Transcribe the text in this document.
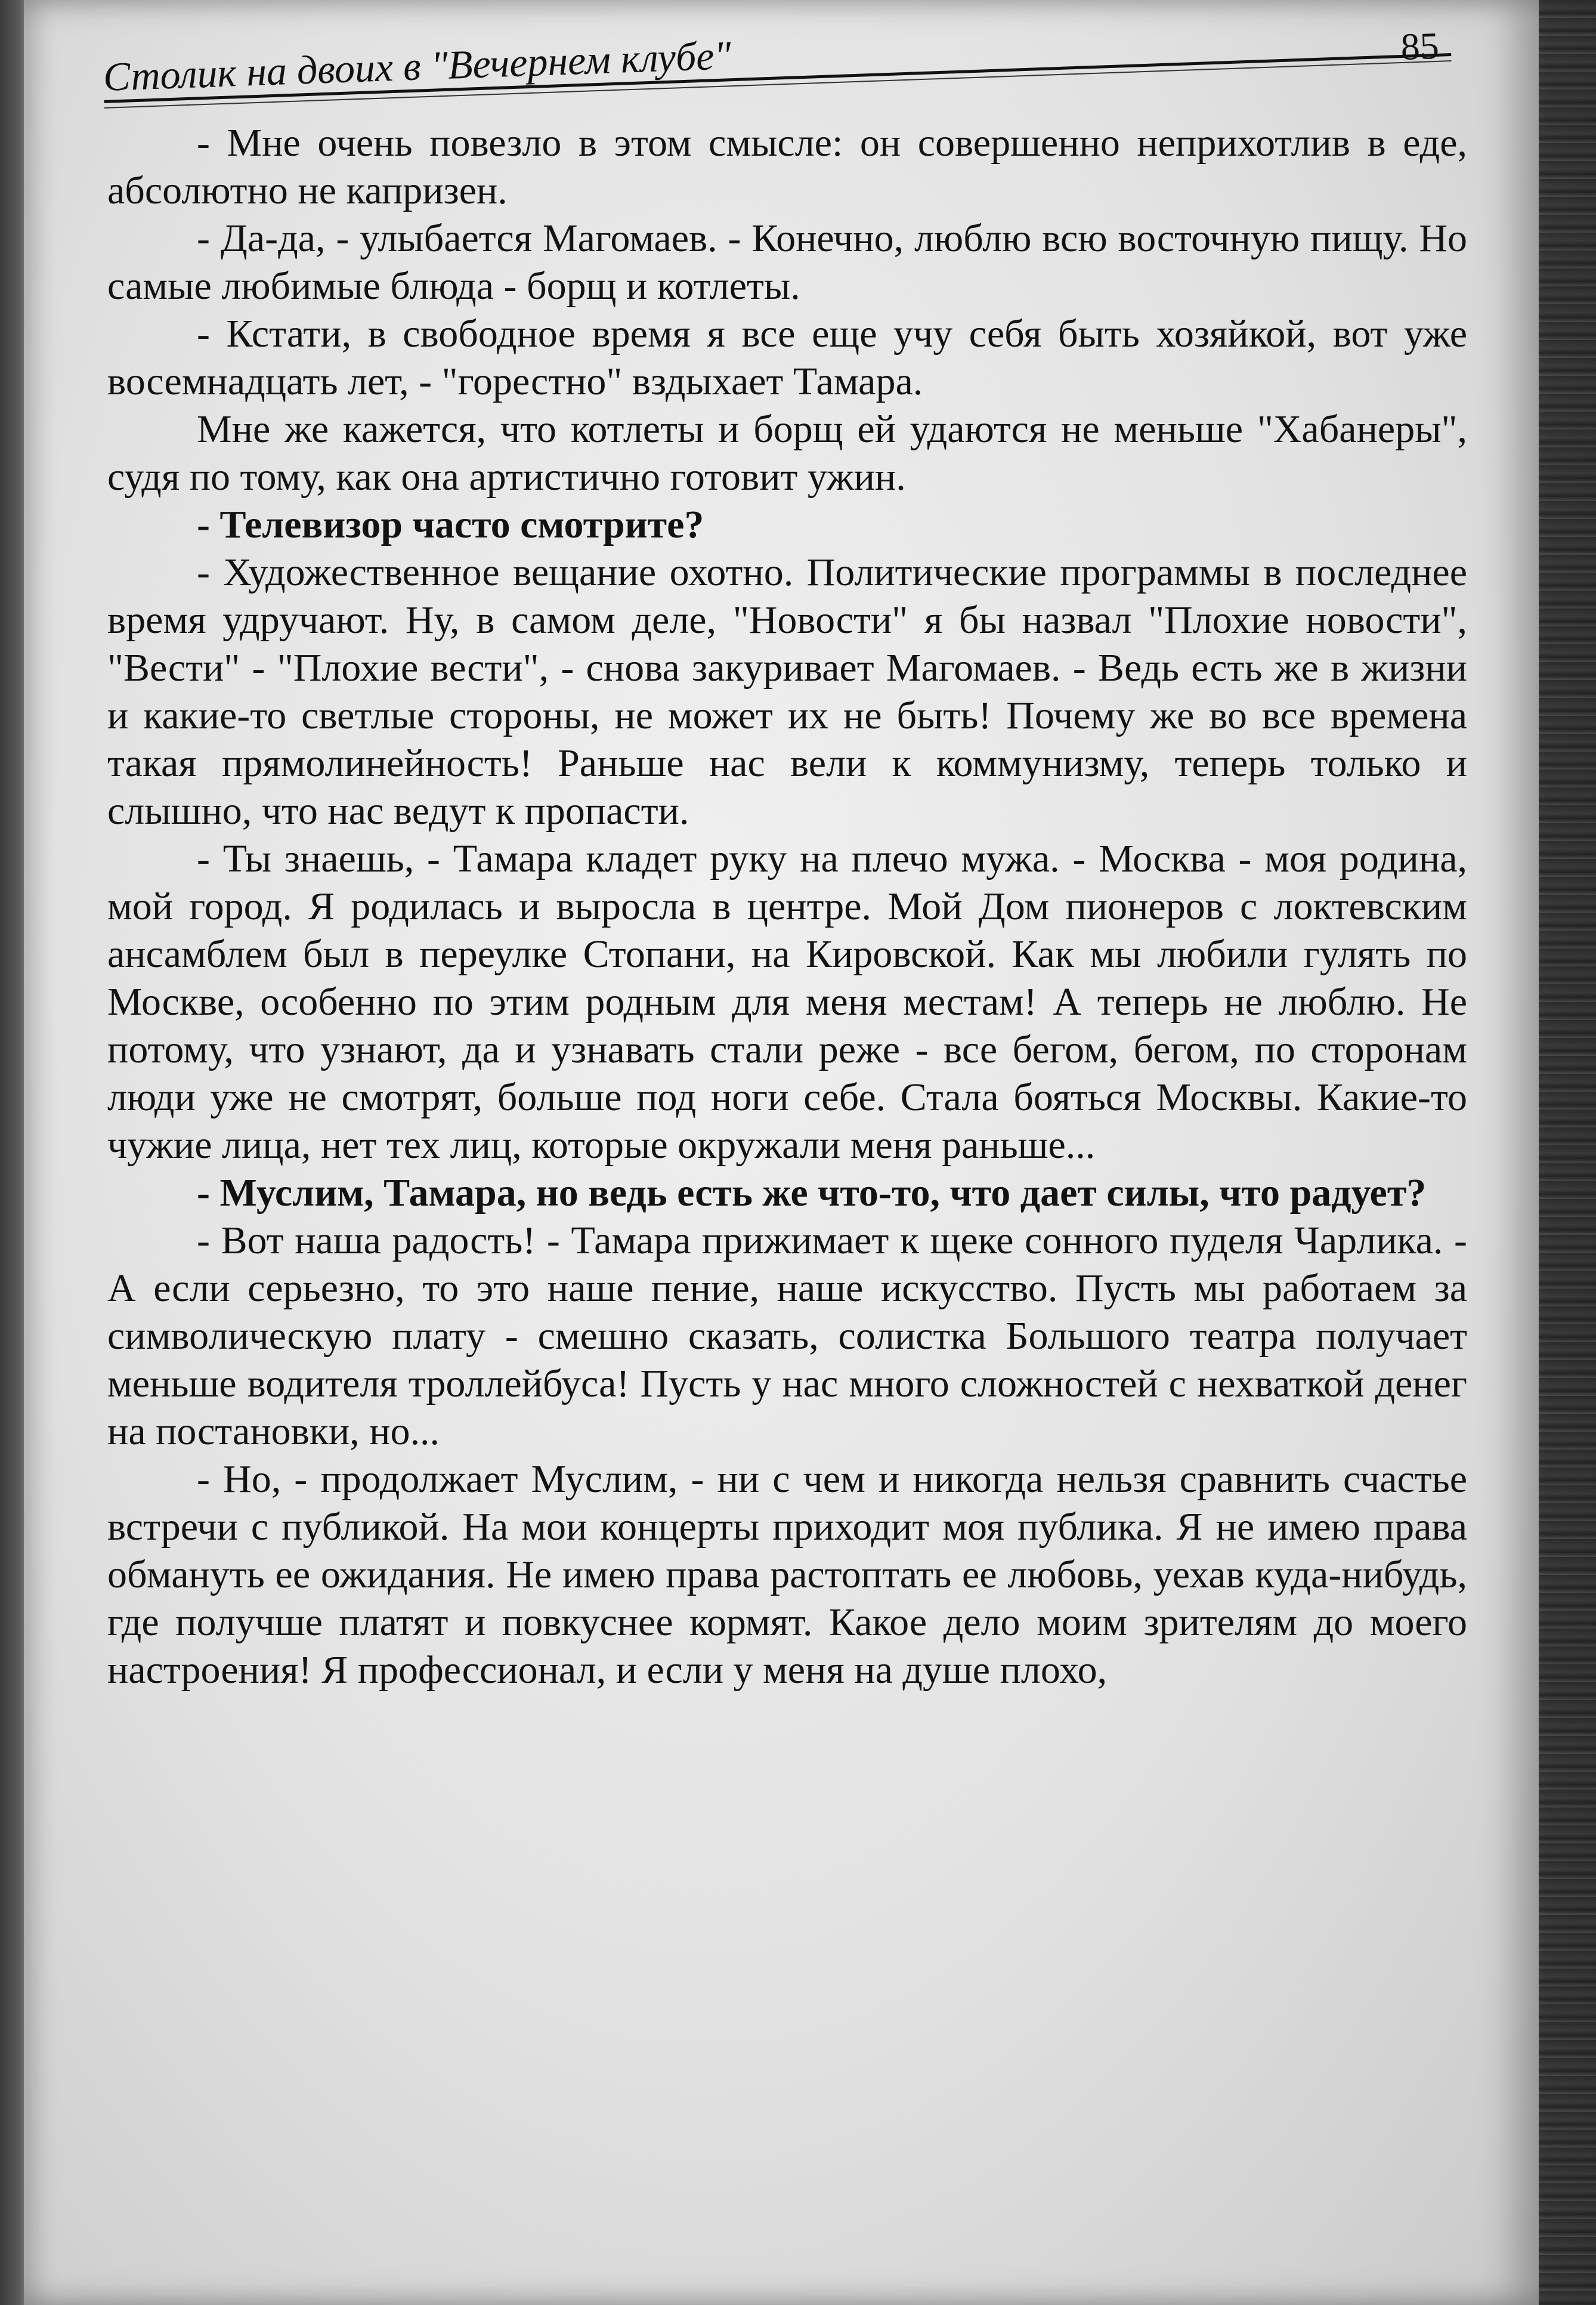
Столик на двоих в "Вечернем клубе"	85

- Мне очень повезло в этом смысле: он совершенно неприхотлив в еде, абсолютно не капризен.

- Да-да, - улыбается Магомаев. - Конечно, люблю всю восточную пищу. Но самые любимые блюда - борщ и котлеты.

- Кстати, в свободное время я все еще учу себя быть хозяйкой, вот уже восемнадцать лет, - "горестно" вздыхает Тамара.

Мне же кажется, что котлеты и борщ ей удаются не меньше "Хабанеры", судя по тому, как она артистично готовит ужин.

- Телевизор часто смотрите?

- Художественное вещание охотно. Политические программы в последнее время удручают. Ну, в самом деле, "Новости" я бы назвал "Плохие новости", "Вести" - "Плохие вести", - снова закуривает Магомаев. - Ведь есть же в жизни и какие-то светлые стороны, не может их не быть! Почему же во все времена такая прямолинейность! Раньше нас вели к коммунизму, теперь только и слышно, что нас ведут к пропасти.

- Ты знаешь, - Тамара кладет руку на плечо мужа. - Москва - моя родина, мой город. Я родилась и выросла в центре. Мой Дом пионеров с локтевским ансамблем был в переулке Стопани, на Кировской. Как мы любили гулять по Москве, особенно по этим родным для меня местам! А теперь не люблю. Не потому, что узнают, да и узнавать стали реже - все бегом, бегом, по сторонам люди уже не смотрят, больше под ноги себе. Стала бояться Москвы. Какие-то чужие лица, нет тех лиц, которые окружали меня раньше...

- Муслим, Тамара, но ведь есть же что-то, что дает силы, что радует?

- Вот наша радость! - Тамара прижимает к щеке сонного пуделя Чарлика. - А если серьезно, то это наше пение, наше искусство. Пусть мы работаем за символическую плату - смешно сказать, солистка Большого театра получает меньше водителя троллейбуса! Пусть у нас много сложностей с нехваткой денег на постановки, но...

- Но, - продолжает Муслим, - ни с чем и никогда нельзя сравнить счастье встречи с публикой. На мои концерты приходит моя публика. Я не имею права обмануть ее ожидания. Не имею права растоптать ее любовь, уехав куда-нибудь, где получше платят и повкуснее кормят. Какое дело моим зрителям до моего настроения! Я профессионал, и если у меня на душе плохо,
